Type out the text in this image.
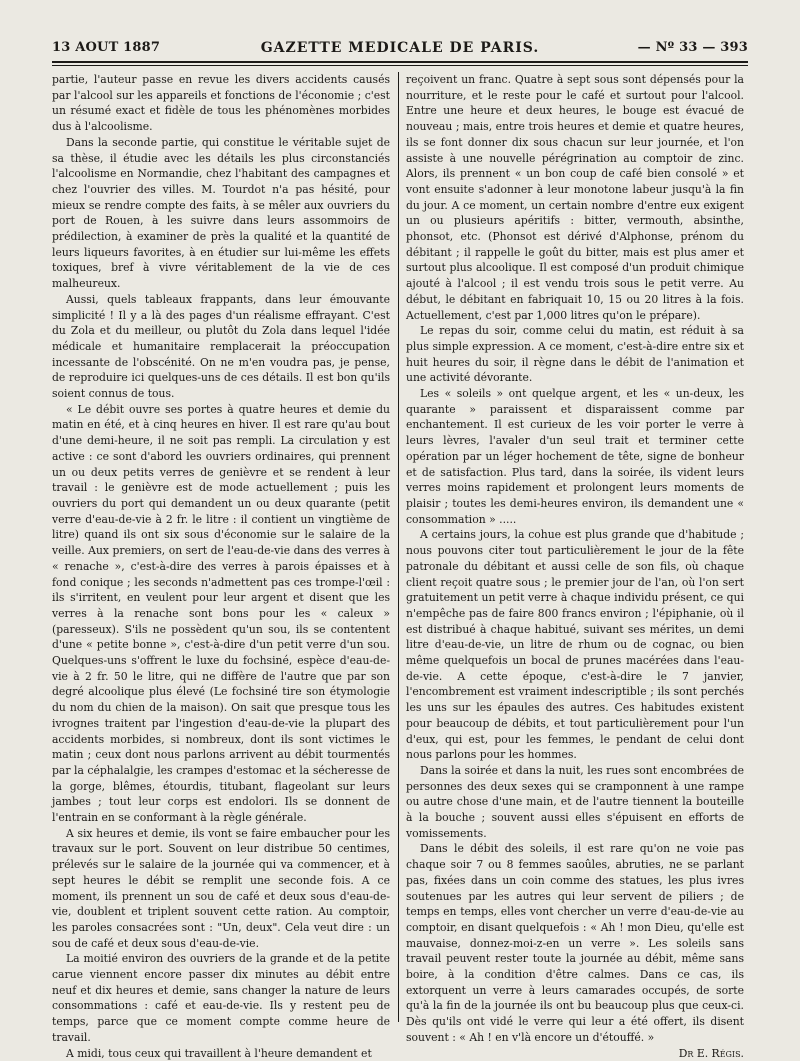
13 AOUT 1887	GAZETTE MEDICALE DE PARIS.	— Nº 33 — 393

partie, l'auteur passe en revue les divers accidents causés par l'alcool sur les appareils et fonctions de l'économie ; c'est un résumé exact et fidèle de tous les phénomènes morbides dus à l'alcoolisme.

Dans la seconde partie, qui constitue le véritable sujet de sa thèse, il étudie avec les détails les plus circonstanciés l'alcoolisme en Normandie, chez l'habitant des campagnes et chez l'ouvrier des villes. M. Tourdot n'a pas hésité, pour mieux se rendre compte des faits, à se mêler aux ouvriers du port de Rouen, à les suivre dans leurs assommoirs de prédilection, à examiner de près la qualité et la quantité de leurs liqueurs favorites, à en étudier sur lui-même les effets toxiques, bref à vivre véritablement de la vie de ces malheureux.

Aussi, quels tableaux frappants, dans leur émouvante simplicité ! Il y a là des pages d'un réalisme effrayant. C'est du Zola et du meilleur, ou plutôt du Zola dans lequel l'idée médicale et humanitaire remplacerait la préoccupation incessante de l'obscénité. On ne m'en voudra pas, je pense, de reproduire ici quelques-uns de ces détails. Il est bon qu'ils soient connus de tous.

« Le débit ouvre ses portes à quatre heures et demie du matin en été, et à cinq heures en hiver. Il est rare qu'au bout d'une demi-heure, il ne soit pas rempli. La circulation y est active : ce sont d'abord les ouvriers ordinaires, qui prennent un ou deux petits verres de genièvre et se rendent à leur travail : le genièvre est de mode actuellement ; puis les ouvriers du port qui demandent un ou deux quarante (petit verre d'eau-de-vie à 2 fr. le litre : il contient un vingtième de litre) quand ils ont six sous d'économie sur le salaire de la veille. Aux premiers, on sert de l'eau-de-vie dans des verres à « renache », c'est-à-dire des verres à parois épaisses et à fond conique ; les seconds n'admettent pas ces trompe-l'œil : ils s'irritent, en veulent pour leur argent et disent que les verres à la renache sont bons pour les « caleux » (paresseux). S'ils ne possèdent qu'un sou, ils se contentent d'une « petite bonne », c'est-à-dire d'un petit verre d'un sou. Quelques-uns s'offrent le luxe du fochsiné, espèce d'eau-de-vie à 2 fr. 50 le litre, qui ne diffère de l'autre que par son degré alcoolique plus élevé (Le fochsiné tire son étymologie du nom du chien de la maison). On sait que presque tous les ivrognes traitent par l'ingestion d'eau-de-vie la plupart des accidents morbides, si nombreux, dont ils sont victimes le matin ; ceux dont nous parlons arrivent au débit tourmentés par la céphalalgie, les crampes d'estomac et la sécheresse de la gorge, blêmes, étourdis, titubant, flageolant sur leurs jambes ; tout leur corps est endolori. Ils se donnent de l'entrain en se conformant à la règle générale.

A six heures et demie, ils vont se faire embaucher pour les travaux sur le port. Souvent on leur distribue 50 centimes, prélevés sur le salaire de la journée qui va commencer, et à sept heures le débit se remplit une seconde fois. A ce moment, ils prennent un sou de café et deux sous d'eau-de-vie, doublent et triplent souvent cette ration. Au comptoir, les paroles consacrées sont : "Un, deux". Cela veut dire : un sou de café et deux sous d'eau-de-vie.

La moitié environ des ouvriers de la grande et de la petite carue viennent encore passer dix minutes au débit entre neuf et dix heures et demie, sans changer la nature de leurs consommations : café et eau-de-vie. Ils y restent peu de temps, parce que ce moment compte comme heure de travail.

A midi, tous ceux qui travaillent à l'heure demandent et

reçoivent un franc. Quatre à sept sous sont dépensés pour la nourriture, et le reste pour le café et surtout pour l'alcool. Entre une heure et deux heures, le bouge est évacué de nouveau ; mais, entre trois heures et demie et quatre heures, ils se font donner dix sous chacun sur leur journée, et l'on assiste à une nouvelle pérégrination au comptoir de zinc. Alors, ils prennent « un bon coup de café bien consolé » et vont ensuite s'adonner à leur monotone labeur jusqu'à la fin du jour. A ce moment, un certain nombre d'entre eux exigent un ou plusieurs apéritifs : bitter, vermouth, absinthe, phonsot, etc. (Phonsot est dérivé d'Alphonse, prénom du débitant ; il rappelle le goût du bitter, mais est plus amer et surtout plus alcoolique. Il est composé d'un produit chimique ajouté à l'alcool ; il est vendu trois sous le petit verre. Au début, le débitant en fabriquait 10, 15 ou 20 litres à la fois. Actuellement, c'est par 1,000 litres qu'on le prépare).

Le repas du soir, comme celui du matin, est réduit à sa plus simple expression. A ce moment, c'est-à-dire entre six et huit heures du soir, il règne dans le débit de l'animation et une activité dévorante.

Les « soleils » ont quelque argent, et les « un-deux, les quarante » paraissent et disparaissent comme par enchantement. Il est curieux de les voir porter le verre à leurs lèvres, l'avaler d'un seul trait et terminer cette opération par un léger hochement de tête, signe de bonheur et de satisfaction. Plus tard, dans la soirée, ils vident leurs verres moins rapidement et prolongent leurs moments de plaisir ; toutes les demi-heures environ, ils demandent une « consommation » .....

A certains jours, la cohue est plus grande que d'habitude ; nous pouvons citer tout particulièrement le jour de la fête patronale du débitant et aussi celle de son fils, où chaque client reçoit quatre sous ; le premier jour de l'an, où l'on sert gratuitement un petit verre à chaque individu présent, ce qui n'empêche pas de faire 800 francs environ ; l'épiphanie, où il est distribué à chaque habitué, suivant ses mérites, un demi litre d'eau-de-vie, un litre de rhum ou de cognac, ou bien même quelquefois un bocal de prunes macérées dans l'eau-de-vie. A cette époque, c'est-à-dire le 7 janvier, l'encombrement est vraiment indescriptible ; ils sont perchés les uns sur les épaules des autres. Ces habitudes existent pour beaucoup de débits, et tout particulièrement pour l'un d'eux, qui est, pour les femmes, le pendant de celui dont nous parlons pour les hommes.

Dans la soirée et dans la nuit, les rues sont encombrées de personnes des deux sexes qui se cramponnent à une rampe ou autre chose d'une main, et de l'autre tiennent la bouteille à la bouche ; souvent aussi elles s'épuisent en efforts de vomissements.

Dans le débit des soleils, il est rare qu'on ne voie pas chaque soir 7 ou 8 femmes saoûles, abruties, ne se parlant pas, fixées dans un coin comme des statues, les plus ivres soutenues par les autres qui leur servent de piliers ; de temps en temps, elles vont chercher un verre d'eau-de-vie au comptoir, en disant quelquefois : « Ah ! mon Dieu, qu'elle est mauvaise, donnez-moi-z-en un verre ». Les soleils sans travail peuvent rester toute la journée au débit, même sans boire, à la condition d'être calmes. Dans ce cas, ils extorquent un verre à leurs camarades occupés, de sorte qu'à la fin de la journée ils ont bu beaucoup plus que ceux-ci. Dès qu'ils ont vidé le verre qui leur a été offert, ils disent souvent : « Ah ! en v'là encore un d'étouffé. »

Dr E. Régis.
